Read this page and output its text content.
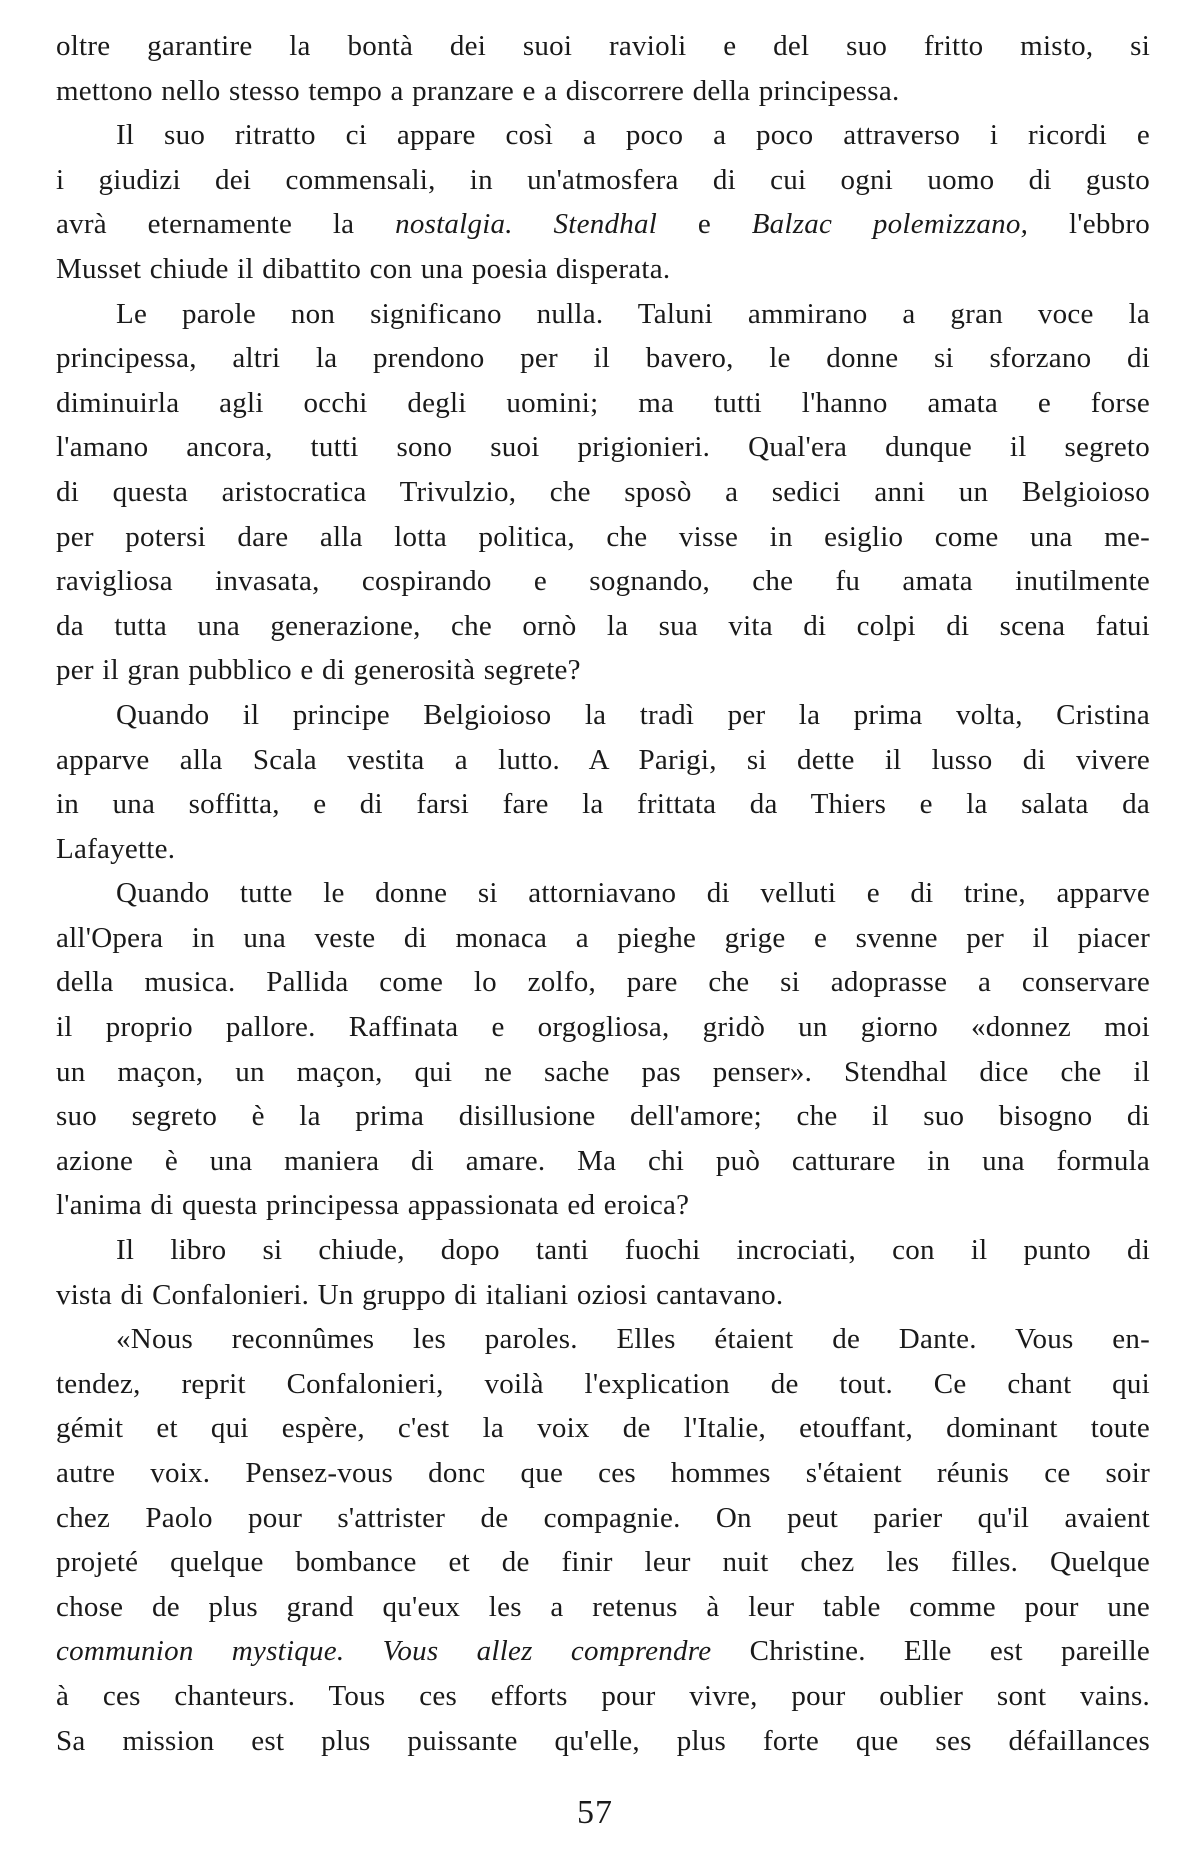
oltre garantire la bontà dei suoi ravioli e del suo fritto misto, si
mettono nello stesso tempo a pranzare e a discorrere della principessa.
Il suo ritratto ci appare così a poco a poco attraverso i ricordi e
i giudizi dei commensali, in un'atmosfera di cui ogni uomo di gusto
avrà eternamente la nostalgia. Stendhal e Balzac polemizzano, l'ebbro
Musset chiude il dibattito con una poesia disperata.
Le parole non significano nulla. Taluni ammirano a gran voce la
principessa, altri la prendono per il bavero, le donne si sforzano di
diminuirla agli occhi degli uomini; ma tutti l'hanno amata e forse
l'amano ancora, tutti sono suoi prigionieri. Qual'era dunque il segreto
di questa aristocratica Trivulzio, che sposò a sedici anni un Belgioioso
per potersi dare alla lotta politica, che visse in esiglio come una me-
ravigliosa invasata, cospirando e sognando, che fu amata inutilmente
da tutta una generazione, che ornò la sua vita di colpi di scena fatui
per il gran pubblico e di generosità segrete?
Quando il principe Belgioioso la tradì per la prima volta, Cristina
apparve alla Scala vestita a lutto. A Parigi, si dette il lusso di vivere
in una soffitta, e di farsi fare la frittata da Thiers e la salata da
Lafayette.
Quando tutte le donne si attorniavano di velluti e di trine, apparve
all'Opera in una veste di monaca a pieghe grige e svenne per il piacer
della musica. Pallida come lo zolfo, pare che si adoprasse a conservare
il proprio pallore. Raffinata e orgogliosa, gridò un giorno «donnez moi
un maçon, un maçon, qui ne sache pas penser». Stendhal dice che il
suo segreto è la prima disillusione dell'amore; che il suo bisogno di
azione è una maniera di amare. Ma chi può catturare in una formula
l'anima di questa principessa appassionata ed eroica?
Il libro si chiude, dopo tanti fuochi incrociati, con il punto di
vista di Confalonieri. Un gruppo di italiani oziosi cantavano.
«Nous reconnûmes les paroles. Elles étaient de Dante. Vous en-
tendez, reprit Confalonieri, voilà l'explication de tout. Ce chant qui
gémit et qui espère, c'est la voix de l'Italie, etouffant, dominant toute
autre voix. Pensez-vous donc que ces hommes s'étaient réunis ce soir
chez Paolo pour s'attrister de compagnie. On peut parier qu'il avaient
projeté quelque bombance et de finir leur nuit chez les filles. Quelque
chose de plus grand qu'eux les a retenus à leur table comme pour une
communion mystique. Vous allez comprendre Christine. Elle est pareille
à ces chanteurs. Tous ces efforts pour vivre, pour oublier sont vains.
Sa mission est plus puissante qu'elle, plus forte que ses défaillances
57
